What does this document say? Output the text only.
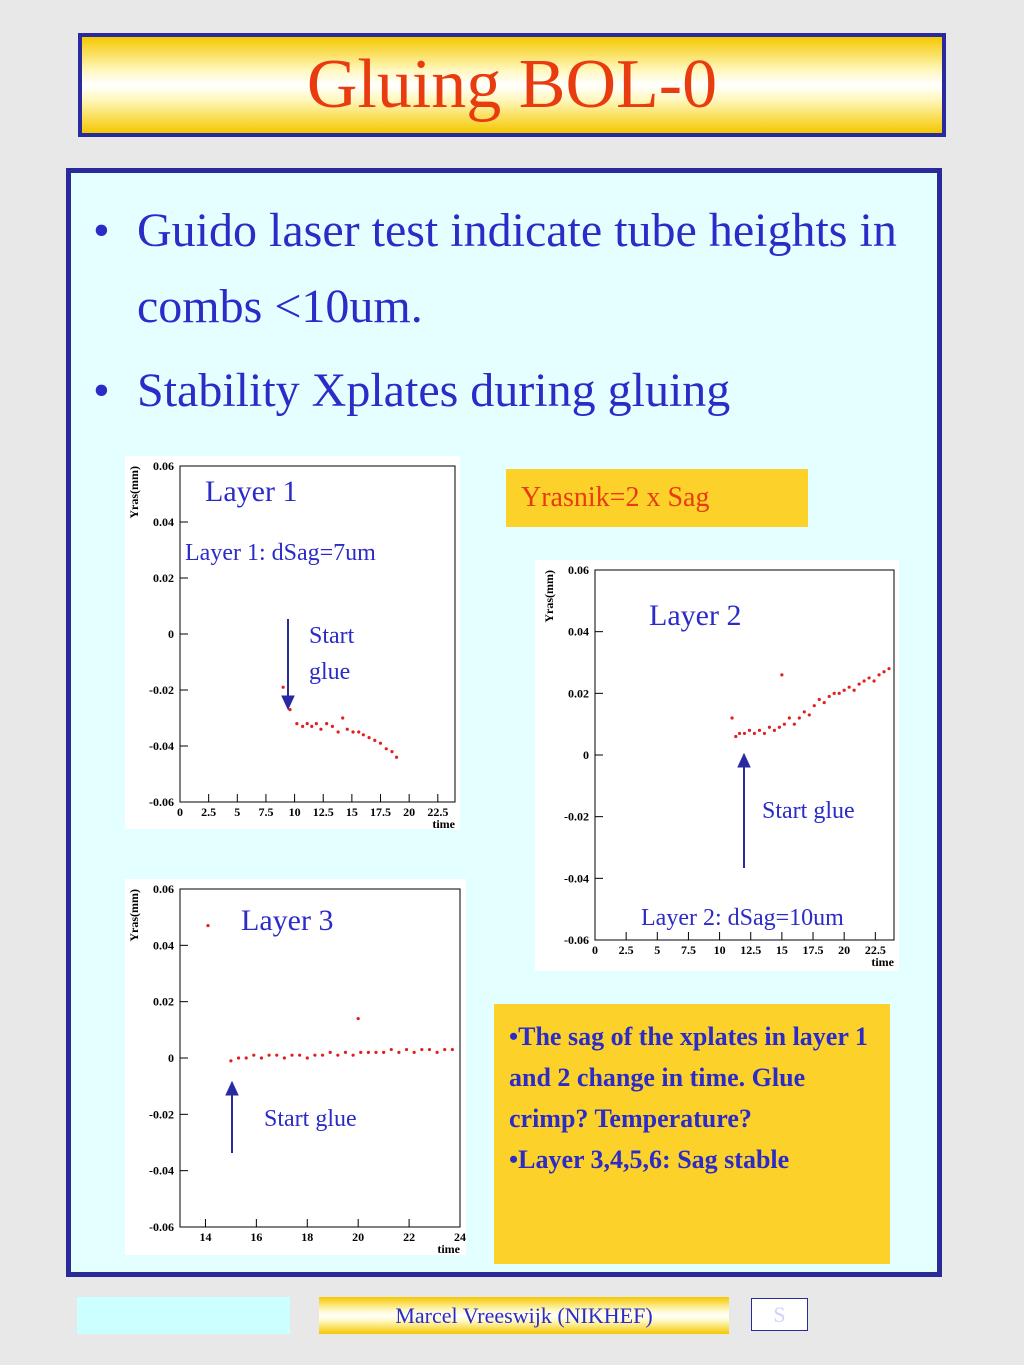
Gluing BOL-0
• Guido laser test indicate tube heights in combs <10um.
• Stability Xplates during gluing
0.06
0.04
0.02
0
-0.02
-0.04
-0.06
0 2.5 5 7.5 10 12.5 15 17.5 20 22.5
time
Yras(mm)
0.06
0.04
0.02
0
-0.02
-0.04
-0.06
0 2.5 5 7.5 10 12.5 15 17.5 20 22.5
time
Yras(mm)
0.06
0.04
0.02
0
-0.02
-0.04
-0.06
14	16	18	20	22	24
time
Yras(mm)
Layer 1
Layer 1: dSag=7um
Start glue
Layer 2
Start glue
Layer 2: dSag=10um
Layer 3
Start glue
Yrasnik=2 x Sag

•The sag of the xplates in layer 1 and 2 change in time. Glue crimp? Temperature?

•Layer 3,4,5,6: Sag stable

Marcel Vreeswijk (NIKHEF)	S
